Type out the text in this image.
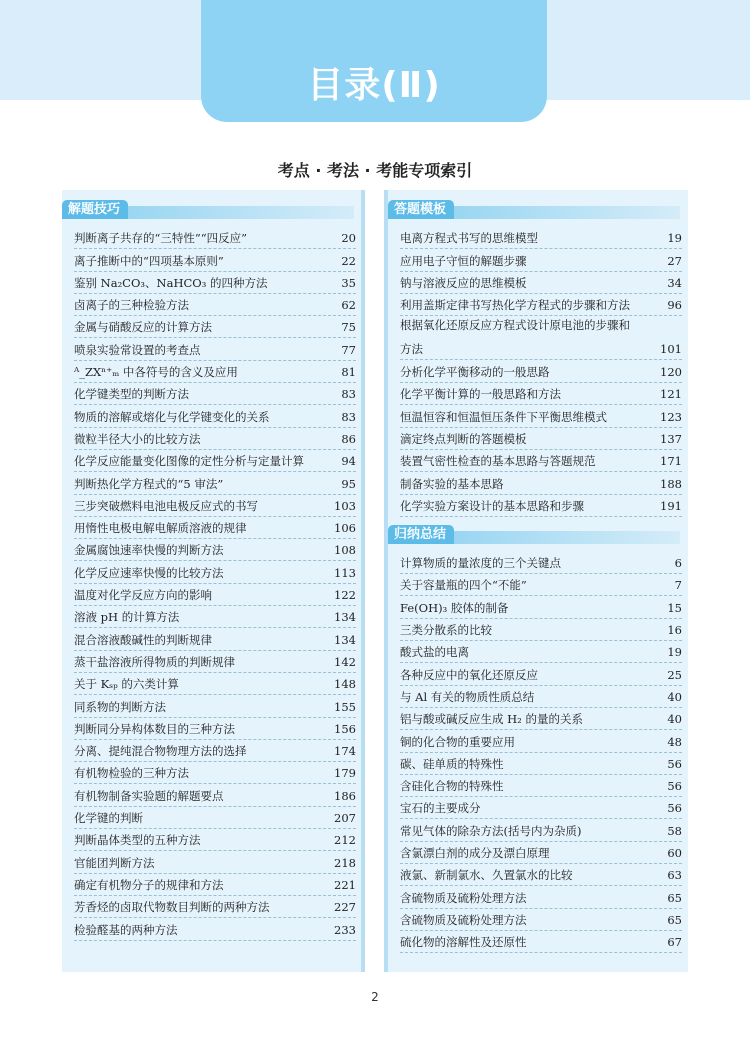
目录(Ⅱ)
考点 · 考法 · 考能专项索引
解题技巧
判断离子共存的“三特性”“四反应”	20
离子推断中的“四项基本原则”	22
鉴别 Na₂CO₃、NaHCO₃ 的四种方法	35
卤离子的三种检验方法	62
金属与硝酸反应的计算方法	75
喷泉实验常设置的考查点	77
ᴬ_ZXⁿ⁺ₘ 中各符号的含义及应用	81
化学键类型的判断方法	83
物质的溶解或熔化与化学键变化的关系	83
微粒半径大小的比较方法	86
化学反应能量变化图像的定性分析与定量计算	94
判断热化学方程式的“5 审法”	95
三步突破燃料电池电极反应式的书写	103
用惰性电极电解电解质溶液的规律	106
金属腐蚀速率快慢的判断方法	108
化学反应速率快慢的比较方法	113
温度对化学反应方向的影响	122
溶液 pH 的计算方法	134
混合溶液酸碱性的判断规律	134
蒸干盐溶液所得物质的判断规律	142
关于 Kₛₚ 的六类计算	148
同系物的判断方法	155
判断同分异构体数目的三种方法	156
分离、提纯混合物物理方法的选择	174
有机物检验的三种方法	179
有机物制备实验题的解题要点	186
化学键的判断	207
判断晶体类型的五种方法	212
官能团判断方法	218
确定有机物分子的规律和方法	221
芳香烃的卤取代物数目判断的两种方法	227
检验醛基的两种方法	233
答题模板
电离方程式书写的思维模型	19
应用电子守恒的解题步骤	27
钠与溶液反应的思维模板	34
利用盖斯定律书写热化学方程式的步骤和方法	96
根据氧化还原反应方程式设计原电池的步骤和
方法	101
分析化学平衡移动的一般思路	120
化学平衡计算的一般思路和方法	121
恒温恒容和恒温恒压条件下平衡思维模式	123
滴定终点判断的答题模板	137
装置气密性检查的基本思路与答题规范	171
制备实验的基本思路	188
化学实验方案设计的基本思路和步骤	191
归纳总结
计算物质的量浓度的三个关键点	6
关于容量瓶的四个“不能”	7
Fe(OH)₃ 胶体的制备	15
三类分散系的比较	16
酸式盐的电离	19
各种反应中的氧化还原反应	25
与 Al 有关的物质性质总结	40
铝与酸或碱反应生成 H₂ 的量的关系	40
铜的化合物的重要应用	48
碳、硅单质的特殊性	56
含硅化合物的特殊性	56
宝石的主要成分	56
常见气体的除杂方法(括号内为杂质)	58
含氯漂白剂的成分及漂白原理	60
液氯、新制氯水、久置氯水的比较	63
含硫物质及硫粉处理方法	65
含硫物质及硫粉处理方法	65
硫化物的溶解性及还原性	67
2
